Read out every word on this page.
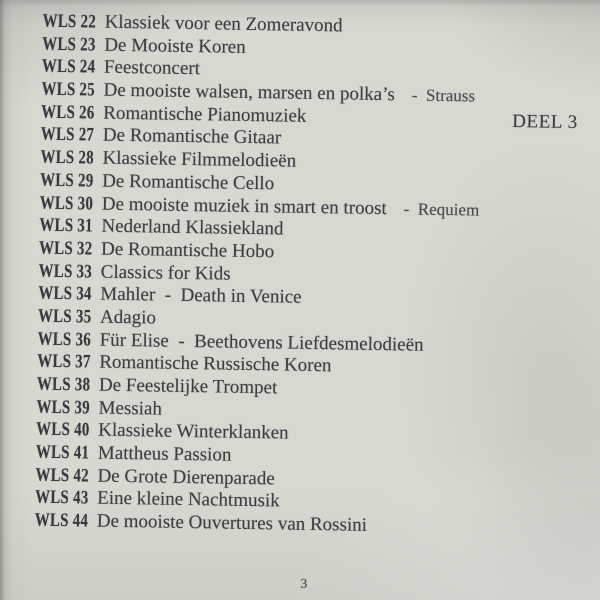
WLS 22 Klassiek voor een Zomeravond
WLS 23 De Mooiste Koren
WLS 24 Feestconcert
WLS 25 De mooiste walsen, marsen en polka’s -  Strauss
WLS 26 Romantische Pianomuziek
WLS 27 De Romantische Gitaar
WLS 28 Klassieke Filmmelodieën
WLS 29 De Romantische Cello
WLS 30 De mooiste muziek in smart en troost -  Requiem
WLS 31 Nederland Klassiekland
WLS 32 De Romantische Hobo
WLS 33 Classics for Kids
WLS 34 Mahler  -  Death in Venice
WLS 35 Adagio
WLS 36 Für Elise  -  Beethovens Liefdesmelodieën
WLS 37 Romantische Russische Koren
WLS 38 De Feestelijke Trompet
WLS 39 Messiah
WLS 40 Klassieke Winterklanken
WLS 41 Mattheus Passion
WLS 42 De Grote Dierenparade
WLS 43 Eine kleine Nachtmusik
WLS 44 De mooiste Ouvertures van Rossini
DEEL 3
3
